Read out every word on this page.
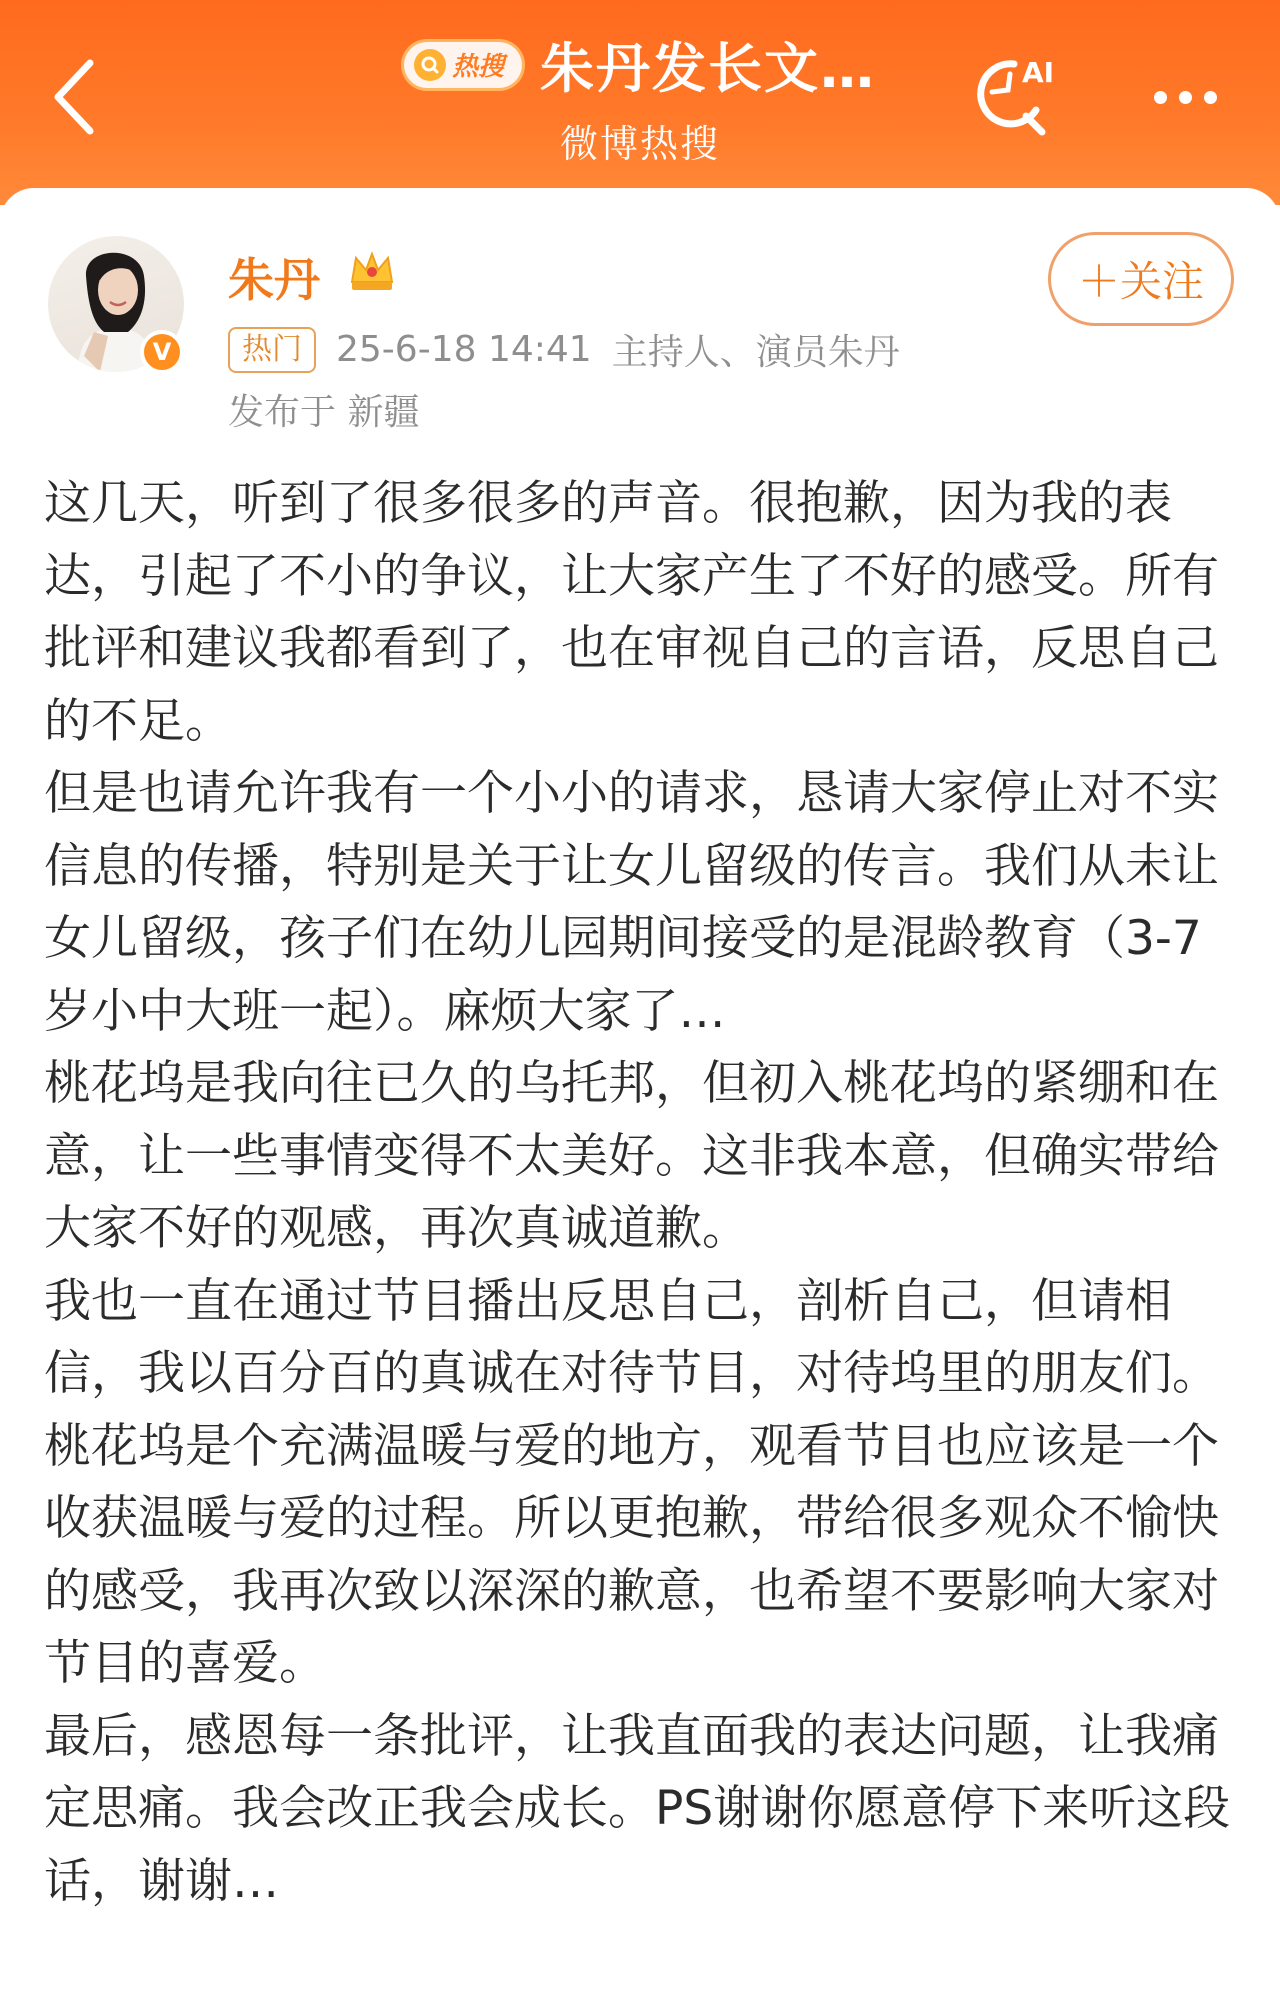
热搜 朱丹发长文…
微博热搜
AI
V
朱丹	＋关注
热门 25-6-18 14:41 主持人、演员朱丹
发布于 新疆

这几天，听到了很多很多的声音。很抱歉，因为我的表达，引起了不小的争议，让大家产生了不好的感受。所有批评和建议我都看到了，也在审视自己的言语，反思自己的不足。

但是也请允许我有一个小小的请求，恳请大家停止对不实信息的传播，特别是关于让女儿留级的传言。我们从未让女儿留级，孩子们在幼儿园期间接受的是混龄教育（3-7岁小中大班一起）。麻烦大家了…

桃花坞是我向往已久的乌托邦，但初入桃花坞的紧绷和在意，让一些事情变得不太美好。这非我本意，但确实带给大家不好的观感，再次真诚道歉。

我也一直在通过节目播出反思自己，剖析自己，但请相信，我以百分百的真诚在对待节目，对待坞里的朋友们。

桃花坞是个充满温暖与爱的地方，观看节目也应该是一个收获温暖与爱的过程。所以更抱歉，带给很多观众不愉快的感受，我再次致以深深的歉意，也希望不要影响大家对节目的喜爱。

最后，感恩每一条批评，让我直面我的表达问题，让我痛定思痛。我会改正我会成长。PS谢谢你愿意停下来听这段话，谢谢…
